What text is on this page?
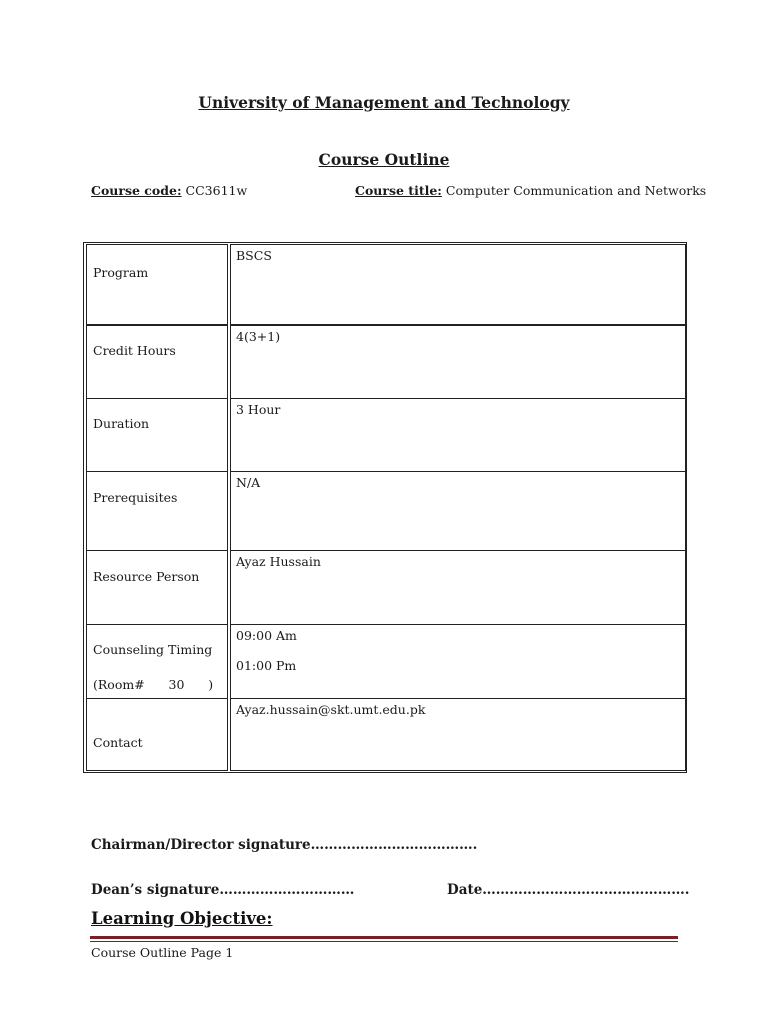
University of Management and Technology
Course Outline
Course code: CC3611w	Course title: Computer Communication and Networks
Program
BSCS
Credit Hours
4(3+1)
Duration
3 Hour
Prerequisites
N/A
Resource Person
Ayaz Hussain
Counseling Timing
(Room#      30      )
09:00 Am
01:00 Pm
Contact
Ayaz.hussain@skt.umt.edu.pk
Chairman/Director signature……………………………….
Dean’s signature…………………………	Date……………………………………….
Learning Objective:
Course Outline Page 1
